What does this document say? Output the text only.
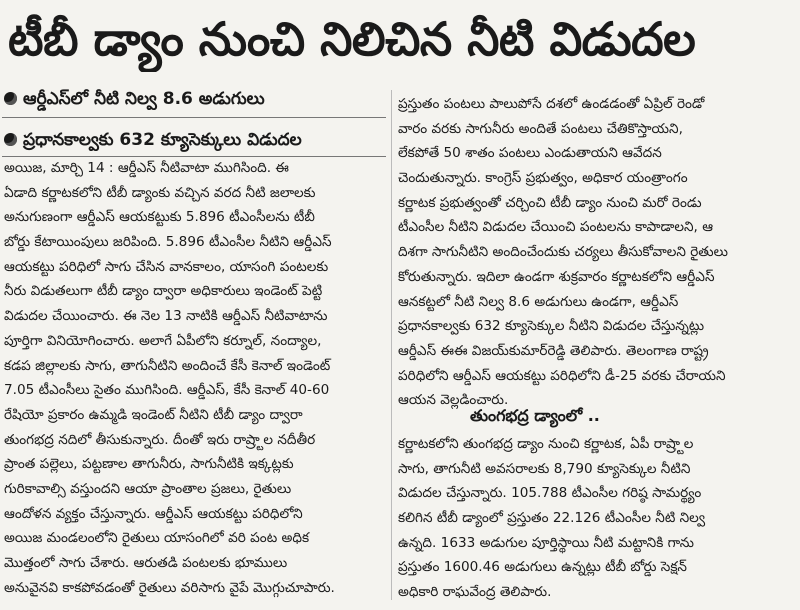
టీబీ డ్యాం నుంచి నిలిచిన నీటి విడుదల
ఆర్డీఎస్‌లో నీటి నిల్వ 8.6 అడుగులు
ప్రధానకాల్వకు 632 క్యూసెక్కులు విడుదల
అయిజ, మార్చి 14 : ఆర్డీఎస్ నీటివాటా ముగిసింది. ఈ
ఏడాది కర్ణాటకలోని టీబీ డ్యాంకు వచ్చిన వరద నీటి జలాలకు
అనుగుణంగా ఆర్డీఎస్ ఆయకట్టుకు 5.896 టీఎంసీలను టీబీ
బోర్డు కేటాయింపులు జరిపింది. 5.896 టీఎంసీల నీటిని ఆర్డీఎస్
ఆయకట్టు పరిధిలో సాగు చేసిన వానకాలం, యాసంగి పంటలకు
నీరు విడుతలుగా టీబీ డ్యాం ద్వారా అధికారులు ఇండెంట్ పెట్టి
విడుదల చేయించారు. ఈ నెల 13 నాటికి ఆర్డీఎస్ నీటివాటాను
పూర్తిగా వినియోగించారు. అలాగే ఏపీలోని కర్నూల్, నంద్యాల,
కడప జిల్లాలకు సాగు, తాగునీటిని అందించే కేసీ కెనాల్ ఇండెంట్
7.05 టీఎంసీలు సైతం ముగిసింది. ఆర్డీఎస్, కేసీ కెనాల్ 40-60
రేషియో ప్రకారం ఉమ్మడి ఇండెంట్ నీటిని టీబీ డ్యాం ద్వారా
తుంగభద్ర నదిలో తీసుకున్నారు. దీంతో ఇరు రాష్ర్టాల నదీతీర
ప్రాంత పల్లెలు, పట్టణాల తాగునీరు, సాగునీటికి ఇక్కట్లకు
గురికావాల్సి వస్తుందని ఆయా ప్రాంతాల ప్రజలు, రైతులు
ఆందోళన వ్యక్తం చేస్తున్నారు. ఆర్డీఎస్ ఆయకట్టు పరిధిలోని
అయిజ మండలంలోని రైతులు యాసంగిలో వరి పంట అధిక
మొత్తంలో సాగు చేశారు. ఆరుతడి పంటలకు భూములు
అనువైనవి కాకపోవడంతో రైతులు వరిసాగు వైపే మొగ్గుచూపారు.
ప్రస్తుతం పంటలు పాలుపోసే దశలో ఉండడంతో ఏప్రిల్ రెండో
వారం వరకు సాగునీరు అందితే పంటలు చేతికొస్తాయని,
లేకపోతే 50 శాతం పంటలు ఎండుతాయని ఆవేదన
చెందుతున్నారు. కాంగ్రెస్ ప్రభుత్వం, అధికార యంత్రాంగం
కర్ణాటక ప్రభుత్వంతో చర్చించి టీబీ డ్యాం నుంచి మరో రెండు
టీఎంసీల నీటిని విడుదల చేయించి పంటలను కాపాడాలని, ఆ
దిశగా సాగునీటిని అందించేందుకు చర్యలు తీసుకోవాలని రైతులు
కోరుతున్నారు. ఇదిలా ఉండగా శుక్రవారం కర్ణాటకలోని ఆర్డీఎస్
ఆనకట్టలో నీటి నిల్వ 8.6 అడుగులు ఉండగా, ఆర్డీఎస్
ప్రధానకాల్వకు 632 క్యూసెక్కుల నీటిని విడుదల చేస్తున్నట్లు
ఆర్డీఎస్ ఈఈ విజయ్‌కుమార్‌రెడ్డి తెలిపారు. తెలంగాణ రాష్ట్ర
పరిధిలోని ఆర్డీఎస్ ఆయకట్టు పరిధిలోని డీ-25 వరకు చేరాయని
ఆయన వెల్లడించారు.
తుంగభద్ర డ్యాంలో ..
కర్ణాటకలోని తుంగభద్ర డ్యాం నుంచి కర్ణాటక, ఏపీ రాష్ర్టాల
సాగు, తాగునీటి అవసరాలకు 8,790 క్యూసెక్కుల నీటిని
విడుదల చేస్తున్నారు. 105.788 టీఎంసీల గరిష్ఠ సామర్థ్యం
కలిగిన టీబీ డ్యాంలో ప్రస్తుతం 22.126 టీఎంసీల నీటి నిల్వ
ఉన్నది. 1633 అడుగుల పూర్తిస్థాయి నీటి మట్టానికి గాను
ప్రస్తుతం 1600.46 అడుగులు ఉన్నట్లు టీబీ బోర్డు సెక్షన్
అధికారి రాఘవేంద్ర తెలిపారు.
